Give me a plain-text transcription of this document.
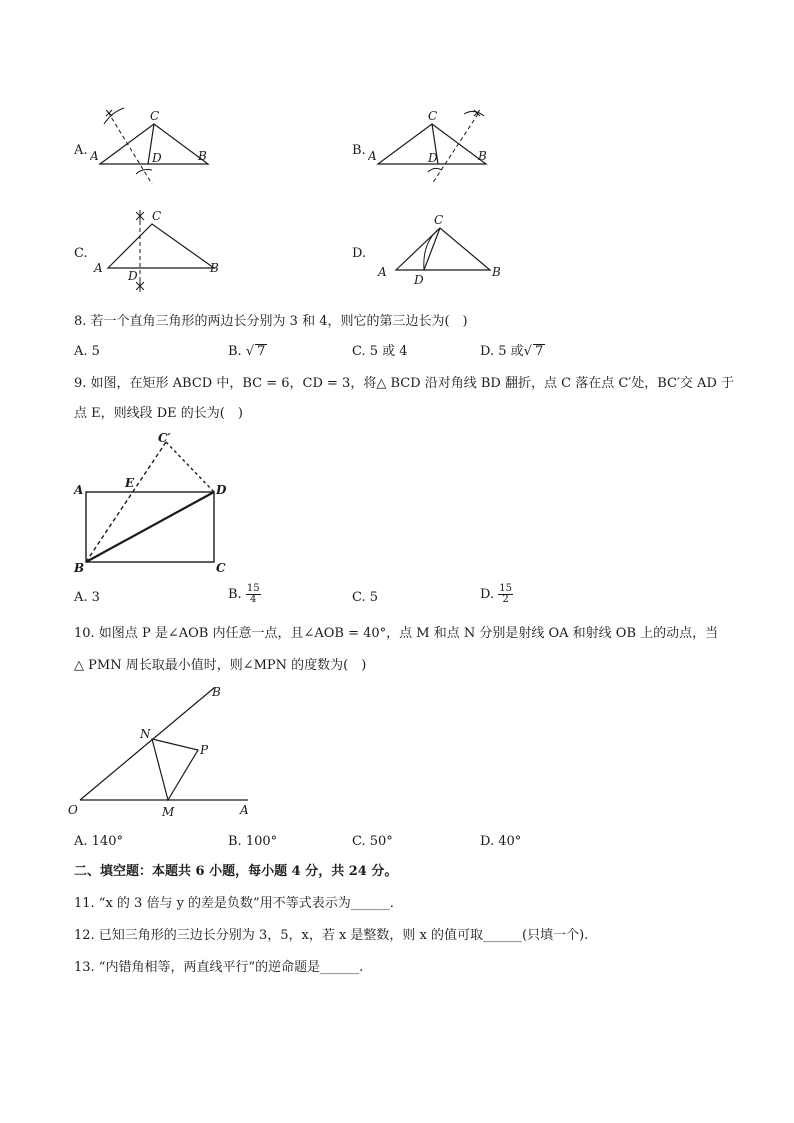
A. A
C
B
D	B. A
C
B
D
C.
A
C
B
D
D.
A
C
B
D
8. 若一个直角三角形的两边长分别为 3 和 4，则它的第三边长为(　)
A. 5	B. √ 7	C. 5 或 4	D. 5 或√ 7
9. 如图，在矩形 ABCD 中，BC = 6，CD = 3，将△ BCD 沿对角线 BD 翻折，点 C 落在点 C′处，BC′交 AD 于
点 E，则线段 DE 的长为(　)
A	D
B	C
E
C′
A. 3	B. $\frac{15}{4}$	C. 5	D. $\frac{15}{2}$
10. 如图点 P 是∠AOB 内任意一点，且∠AOB = 40°，点 M 和点 N 分别是射线 OA 和射线 OB 上的动点，当
△ PMN 周长取最小值时，则∠MPN 的度数为(　)
O	A
B
N
P
M
A. 140°	B. 100°	C. 50°	D. 40°
二、填空题：本题共 6 小题，每小题 4 分，共 24 分。
11. “x 的 3 倍与 y 的差是负数”用不等式表示为______.
12. 已知三角形的三边长分别为 3，5，x，若 x 是整数，则 x 的值可取______(只填一个).
13. “内错角相等，两直线平行”的逆命题是______.
